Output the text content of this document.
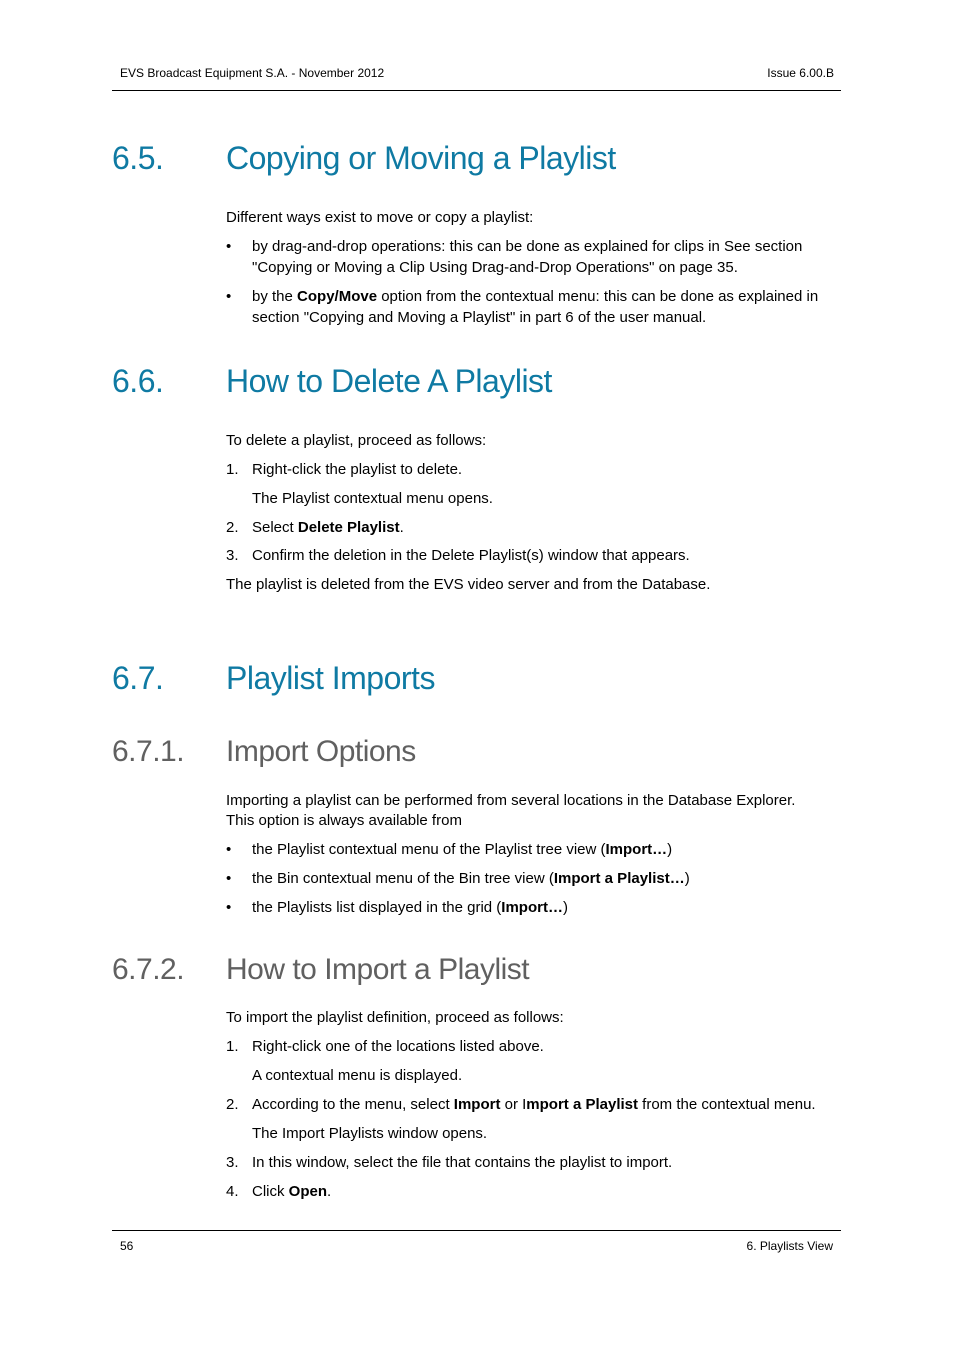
EVS Broadcast Equipment S.A. - November 2012	Issue 6.00.B
6.5. Copying or Moving a Playlist

Different ways exist to move or copy a playlist:

• by drag-and-drop operations: this can be done as explained for clips in See section
"Copying or Moving a Clip Using Drag-and-Drop Operations" on page 35.
• by the Copy/Move option from the contextual menu: this can be done as explained in
section "Copying and Moving a Playlist" in part 6 of the user manual.
6.6. How to Delete A Playlist

To delete a playlist, proceed as follows:

1. Right-click the playlist to delete.
The Playlist contextual menu opens.
2. Select Delete Playlist.
3. Confirm the deletion in the Delete Playlist(s) window that appears.

The playlist is deleted from the EVS video server and from the Database.

6.7. Playlist Imports
6.7.1. Import Options

Importing a playlist can be performed from several locations in the Database Explorer.
This option is always available from

• the Playlist contextual menu of the Playlist tree view (Import…)
• the Bin contextual menu of the Bin tree view (Import a Playlist…)
• the Playlists list displayed in the grid (Import…)
6.7.2. How to Import a Playlist

To import the playlist definition, proceed as follows:

1. Right-click one of the locations listed above.
A contextual menu is displayed.
2. According to the menu, select Import or Import a Playlist from the contextual menu.
The Import Playlists window opens.
3. In this window, select the file that contains the playlist to import.
4. Click Open.
56	6. Playlists View
